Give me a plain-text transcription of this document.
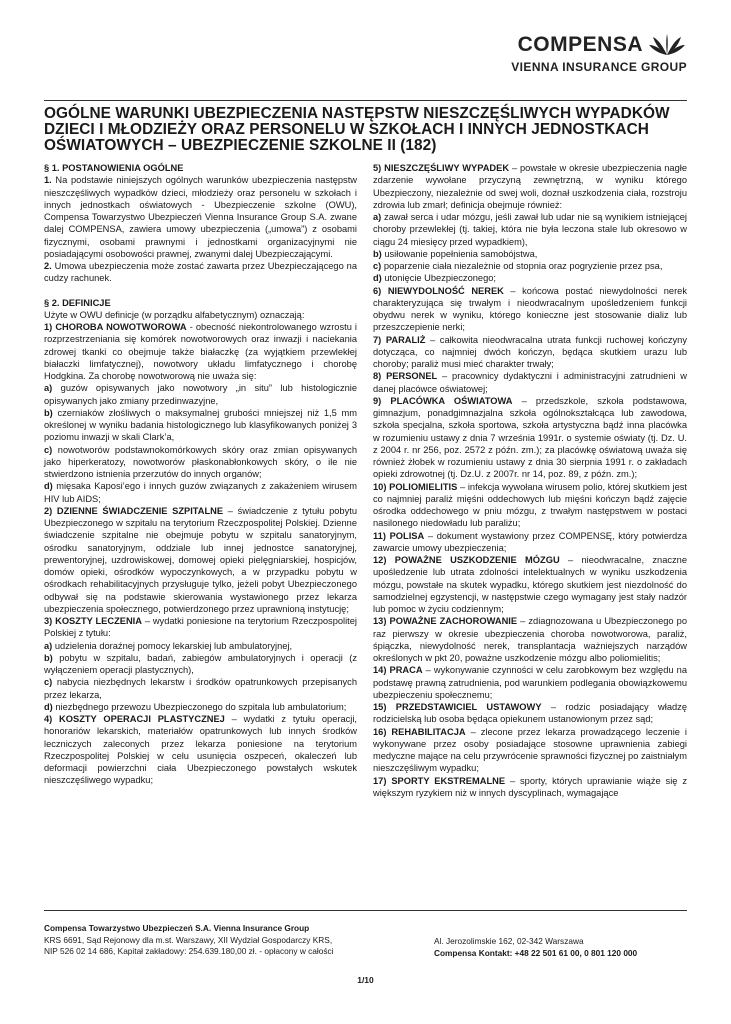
COMPENSA
VIENNA INSURANCE GROUP
OGÓLNE WARUNKI UBEZPIECZENIA NASTĘPSTW NIESZCZĘŚLIWYCH WYPADKÓW DZIECI I MŁODZIEŻY ORAZ PERSONELU W SZKOŁACH I INNYCH JEDNOSTKACH OŚWIATOWYCH – UBEZPIECZENIE SZKOLNE II (182)

§ 1. POSTANOWIENIA OGÓLNE

1. Na podstawie niniejszych ogólnych warunków ubezpieczenia następstw nieszczęśliwych wypadków dzieci, młodzieży oraz personelu w szkołach i innych jednostkach oświatowych - Ubezpieczenie szkolne (OWU), Compensa Towarzystwo Ubezpieczeń Vienna Insurance Group S.A. zwane dalej COMPENSA, zawiera umowy ubezpieczenia („umowa”) z osobami fizycznymi, osobami prawnymi i jednostkami organizacyjnymi nie posiadającymi osobowości prawnej, zwanymi dalej Ubezpieczającymi.

2. Umowa ubezpieczenia może zostać zawarta przez Ubezpieczającego na cudzy rachunek.

§ 2. DEFINICJE

Użyte w OWU definicje (w porządku alfabetycznym) oznaczają:

1) CHOROBA NOWOTWOROWA - obecność niekontrolowanego wzrostu i rozprzestrzeniania się komórek nowotworowych oraz inwazji i naciekania zdrowej tkanki co obejmuje także białaczkę (za wyjątkiem przewlekłej białaczki limfatycznej), nowotwory układu limfatycznego i chorobę Hodgkina. Za chorobę nowotworową nie uważa się:

a) guzów opisywanych jako nowotwory „in situ” lub histologicznie opisywanych jako zmiany przedinwazyjne,

b) czerniaków złośliwych o maksymalnej grubości mniejszej niż 1,5 mm określonej w wyniku badania histologicznego lub klasyfikowanych poniżej 3 poziomu inwazji w skali Clark’a,

c) nowotworów podstawnokomórkowych skóry oraz zmian opisywanych jako hiperkeratozy, nowotworów płaskonabłonkowych skóry, o ile nie stwierdzono istnienia przerzutów do innych organów;

d) mięsaka Kaposi’ego i innych guzów związanych z zakażeniem wirusem HIV lub AIDS;

2) DZIENNE ŚWIADCZENIE SZPITALNE – świadczenie z tytułu pobytu Ubezpieczonego w szpitalu na terytorium Rzeczpospolitej Polskiej. Dzienne świadczenie szpitalne nie obejmuje pobytu w szpitalu sanatoryjnym, ośrodku sanatoryjnym, oddziale lub innej jednostce sanatoryjnej, prewentoryjnej, uzdrowiskowej, domowej opieki pielęgniarskiej, hospicjów, domów opieki, ośrodków wypoczynkowych, a w przypadku pobytu w ośrodkach rehabilitacyjnych przysługuje tylko, jeżeli pobyt Ubezpieczonego odbywał się na podstawie skierowania wystawionego przez lekarza ubezpieczenia społecznego, potwierdzonego przez uprawnioną instytucję;

3) KOSZTY LECZENIA – wydatki poniesione na terytorium Rzeczpospolitej Polskiej z tytułu:

a) udzielenia doraźnej pomocy lekarskiej lub ambulatoryjnej,

b) pobytu w szpitalu, badań, zabiegów ambulatoryjnych i operacji (z wyłączeniem operacji plastycznych),

c) nabycia niezbędnych lekarstw i środków opatrunkowych przepisanych przez lekarza,

d) niezbędnego przewozu Ubezpieczonego do szpitala lub ambulatorium;

4) KOSZTY OPERACJI PLASTYCZNEJ – wydatki z tytułu operacji, honorariów lekarskich, materiałów opatrunkowych lub innych środków leczniczych zaleconych przez lekarza poniesione na terytorium Rzeczpospolitej Polskiej w celu usunięcia oszpeceń, okaleczeń lub deformacji powierzchni ciała Ubezpieczonego powstałych wskutek nieszczęśliwego wypadku;

5) NIESZCZĘŚLIWY WYPADEK – powstałe w okresie ubezpieczenia nagłe zdarzenie wywołane przyczyną zewnętrzną, w wyniku którego Ubezpieczony, niezależnie od swej woli, doznał uszkodzenia ciała, rozstroju zdrowia lub zmarł; definicja obejmuje również:

a) zawał serca i udar mózgu, jeśli zawał lub udar nie są wynikiem istniejącej choroby przewlekłej (tj. takiej, która nie była leczona stale lub okresowo w ciągu 24 miesięcy przed wypadkiem),

b) usiłowanie popełnienia samobójstwa,

c) poparzenie ciała niezależnie od stopnia oraz pogryzienie przez psa,

d) utonięcie Ubezpieczonego;

6) NIEWYDOLNOŚĆ NEREK – końcowa postać niewydolności nerek charakteryzująca się trwałym i nieodwracalnym upośledzeniem funkcji obydwu nerek w wyniku, którego konieczne jest stosowanie dializ lub przeszczepienie nerki;

7) PARALIŻ – całkowita nieodwracalna utrata funkcji ruchowej kończyny dotycząca, co najmniej dwóch kończyn, będąca skutkiem urazu lub choroby; paraliż musi mieć charakter trwały;

8) PERSONEL – pracownicy dydaktyczni i administracyjni zatrudnieni w danej placówce oświatowej;

9) PLACÓWKA OŚWIATOWA – przedszkole, szkoła podstawowa, gimnazjum, ponadgimnazjalna szkoła ogólnokształcąca lub zawodowa, szkoła specjalna, szkoła sportowa, szkoła artystyczna bądź inna placówka w rozumieniu ustawy z dnia 7 września 1991r. o systemie oświaty (tj. Dz. U. z 2004 r. nr 256, poz. 2572 z późn. zm.); za placówkę oświatową uważa się również żłobek w rozumieniu ustawy z dnia 30 sierpnia 1991 r. o zakładach opieki zdrowotnej (tj. Dz.U. z 2007r. nr 14, poz. 89, z późn. zm.);

10) POLIOMIELITIS – infekcja wywołana wirusem polio, której skutkiem jest co najmniej paraliż mięśni oddechowych lub mięśni kończyn bądź zajęcie ośrodka oddechowego w pniu mózgu, z trwałym następstwem w postaci nasilonego niedowładu lub paraliżu;

11) POLISA – dokument wystawiony przez COMPENSĘ, który potwierdza zawarcie umowy ubezpieczenia;

12) POWAŻNE USZKODZENIE MÓZGU – nieodwracalne, znaczne upośledzenie lub utrata zdolności intelektualnych w wyniku uszkodzenia mózgu, powstałe na skutek wypadku, którego skutkiem jest niezdolność do samodzielnej egzystencji, w następstwie czego wymagany jest stały nadzór lub pomoc w życiu codziennym;

13) POWAŻNE ZACHOROWANIE – zdiagnozowana u Ubezpieczonego po raz pierwszy w okresie ubezpieczenia choroba nowotworowa, paraliż, śpiączka, niewydolność nerek, transplantacja ważniejszych narządów określonych w pkt 20, poważne uszkodzenie mózgu albo poliomielitis;

14) PRACA – wykonywanie czynności w celu zarobkowym bez względu na podstawę prawną zatrudnienia, pod warunkiem podlegania obowiązkowemu ubezpieczeniu społecznemu;

15) PRZEDSTAWICIEL USTAWOWY – rodzic posiadający władzę rodzicielską lub osoba będąca opiekunem ustanowionym przez sąd;

16) REHABILITACJA – zlecone przez lekarza prowadzącego leczenie i wykonywane przez osoby posiadające stosowne uprawnienia zabiegi medyczne mające na celu przywrócenie sprawności fizycznej po zaistniałym nieszczęśliwym wypadku;

17) SPORTY EKSTREMALNE – sporty, których uprawianie wiąże się z większym ryzykiem niż w innych dyscyplinach, wymagające

Compensa Towarzystwo Ubezpieczeń S.A. Vienna Insurance Group
KRS 6691, Sąd Rejonowy dla m.st. Warszawy, XII Wydział Gospodarczy KRS,
NIP 526 02 14 686, Kapitał zakładowy: 254.639.180,00 zł. - opłacony w całości
Al. Jerozolimskie 162, 02-342 Warszawa
Compensa Kontakt: +48 22 501 61 00, 0 801 120 000
1/10
